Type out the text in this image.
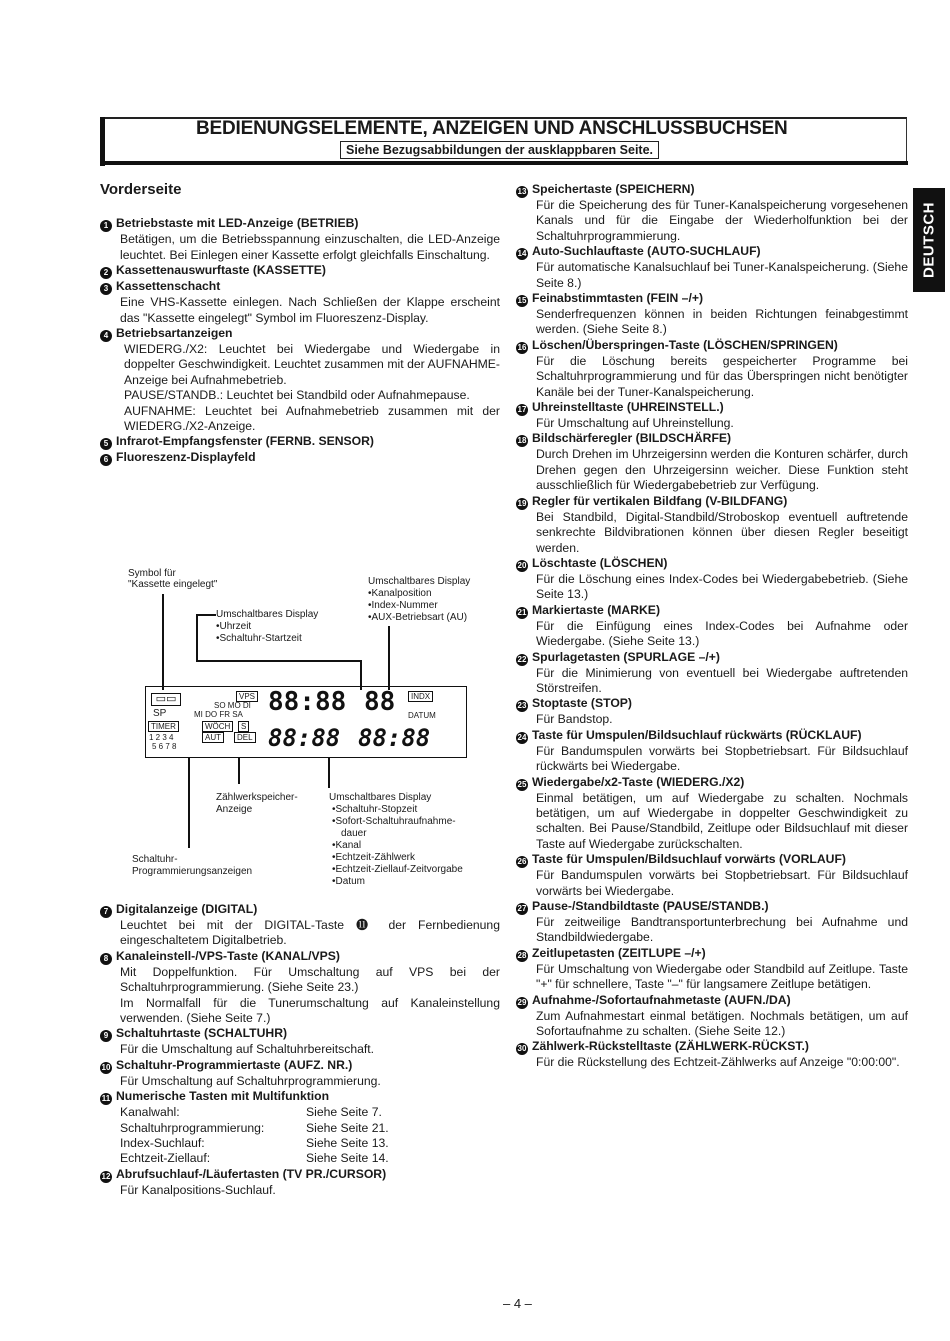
BEDIENUNGSELEMENTE, ANZEIGEN UND ANSCHLUSSBUCHSEN
Siehe Bezugsabbildungen der ausklappbaren Seite.
DEUTSCH
Vorderseite
1 Betriebstaste mit LED-Anzeige (BETRIEB)
Betätigen, um die Betriebsspannung einzuschalten, die LED-Anzeige leuchtet. Bei Einlegen einer Kassette erfolgt gleichfalls Einschaltung.
2 Kassettenauswurftaste (KASSETTE)
3 Kassettenschacht
Eine VHS-Kassette einlegen. Nach Schließen der Klappe erscheint das "Kassette eingelegt" Symbol im Fluoreszenz-Display.
4 Betriebsartanzeigen
WIEDERG./X2: Leuchtet bei Wiedergabe und Wiedergabe in doppelter Geschwindigkeit. Leuchtet zusammen mit der AUFNAHME-Anzeige bei Aufnahmebetrieb.
PAUSE/STANDB.: Leuchtet bei Standbild oder Aufnahmepause.
AUFNAHME: Leuchtet bei Aufnahmebetrieb zusammen mit der WIEDERG./X2-Anzeige.
5 Infrarot-Empfangsfenster (FERNB. SENSOR)
6 Fluoreszenz-Displayfeld
Symbol für
"Kassette eingelegt"	Umschaltbares Display
• Kanalposition
• Index-Nummer
• AUX-Betriebsart (AU)
Umschaltbares Display
• Uhrzeit
• Schaltuhr-Startzeit
▭▭
SP
VPS
SO MO DI
MI DO FR SA 88:88 88	INDX
DATUM
TIMER	WÖCH	S
1 2 3 4
5 6 7 8
AUT	DEL 88:88 88:88
Zählwerkspeicher-
Anzeige
Umschaltbares Display
• Schaltuhr-Stopzeit
• Sofort-Schaltuhraufnahme-
dauer
• Kanal
• Echtzeit-Zählwerk
• Echtzeit-Ziellauf-Zeitvorgabe
• Datum
Schaltuhr-
Programmierungsanzeigen
7 Digitalanzeige (DIGITAL)
Leuchtet bei mit der DIGITAL-Taste ⓫ der Fernbedienung eingeschaltetem Digitalbetrieb.
8 Kanaleinstell-/VPS-Taste (KANAL/VPS)
Mit Doppelfunktion. Für Umschaltung auf VPS bei der Schaltuhrprogrammierung. (Siehe Seite 23.)
Im Normalfall für die Tunerumschaltung auf Kanaleinstellung verwenden. (Siehe Seite 7.)
9 Schaltuhrtaste (SCHALTUHR)
Für die Umschaltung auf Schaltuhrbereitschaft.
10 Schaltuhr-Programmiertaste (AUFZ. NR.)
Für Umschaltung auf Schaltuhrprogrammierung.
11 Numerische Tasten mit Multifunktion
Kanalwahl:	Siehe Seite 7.
Schaltuhrprogrammierung:	Siehe Seite 21.
Index-Suchlauf:	Siehe Seite 13.
Echtzeit-Ziellauf:	Siehe Seite 14.
12 Abrufsuchlauf-/Läufertasten (TV PR./CURSOR)
Für Kanalpositions-Suchlauf.
13 Speichertaste (SPEICHERN)
Für die Speicherung des für Tuner-Kanalspeicherung vorgesehenen Kanals und für die Eingabe der Wiederholfunktion bei der Schaltuhrprogrammierung.
14 Auto-Suchlauftaste (AUTO-SUCHLAUF)
Für automatische Kanalsuchlauf bei Tuner-Kanalspeicherung. (Siehe Seite 8.)
15 Feinabstimmtasten (FEIN –/+)
Senderfrequenzen können in beiden Richtungen feinabgestimmt werden. (Siehe Seite 8.)
16 Löschen/Überspringen-Taste (LÖSCHEN/SPRINGEN)
Für die Löschung bereits gespeicherter Programme bei Schaltuhrprogrammierung und für das Überspringen nicht benötigter Kanäle bei der Tuner-Kanalspeicherung.
17 Uhreinstelltaste (UHREINSTELL.)
Für Umschaltung auf Uhreinstellung.
18 Bildschärferegler (BILDSCHÄRFE)
Durch Drehen im Uhrzeigersinn werden die Konturen schärfer, durch Drehen gegen den Uhrzeigersinn weicher. Diese Funktion steht ausschließlich für Wiedergabebetrieb zur Verfügung.
19 Regler für vertikalen Bildfang (V-BILDFANG)
Bei Standbild, Digital-Standbild/Stroboskop eventuell auftretende senkrechte Bildvibrationen können über diesen Regler beseitigt werden.
20 Löschtaste (LÖSCHEN)
Für die Löschung eines Index-Codes bei Wiedergabebetrieb. (Siehe Seite 13.)
21 Markiertaste (MARKE)
Für die Einfügung eines Index-Codes bei Aufnahme oder Wiedergabe. (Siehe Seite 13.)
22 Spurlagetasten (SPURLAGE –/+)
Für die Minimierung von eventuell bei Wiedergabe auftretenden Störstreifen.
23 Stoptaste (STOP)
Für Bandstop.
24 Taste für Umspulen/Bildsuchlauf rückwärts (RÜCKLAUF)
Für Bandumspulen vorwärts bei Stopbetriebsart. Für Bildsuchlauf rückwärts bei Wiedergabe.
25 Wiedergabe/x2-Taste (WIEDERG./X2)
Einmal betätigen, um auf Wiedergabe zu schalten. Nochmals betätigen, um auf Wiedergabe in doppelter Geschwindigkeit zu schalten. Bei Pause/Standbild, Zeitlupe oder Bildsuchlauf mit dieser Taste auf Wiedergabe zurückschalten.
26 Taste für Umspulen/Bildsuchlauf vorwärts (VORLAUF)
Für Bandumspulen vorwärts bei Stopbetriebsart. Für Bildsuchlauf vorwärts bei Wiedergabe.
27 Pause-/Standbildtaste (PAUSE/STANDB.)
Für zeitweilige Bandtransportunterbrechung bei Aufnahme und Standbildwiedergabe.
28 Zeitlupetasten (ZEITLUPE –/+)
Für Umschaltung von Wiedergabe oder Standbild auf Zeitlupe. Taste "+" für schnellere, Taste "–" für langsamere Zeitlupe betätigen.
29 Aufnahme-/Sofortaufnahmetaste (AUFN./DA)
Zum Aufnahmestart einmal betätigen. Nochmals betätigen, um auf Sofortaufnahme zu schalten. (Siehe Seite 12.)
30 Zählwerk-Rückstelltaste (ZÄHLWERK-RÜCKST.)
Für die Rückstellung des Echtzeit-Zählwerks auf Anzeige "0:00:00".
– 4 –
